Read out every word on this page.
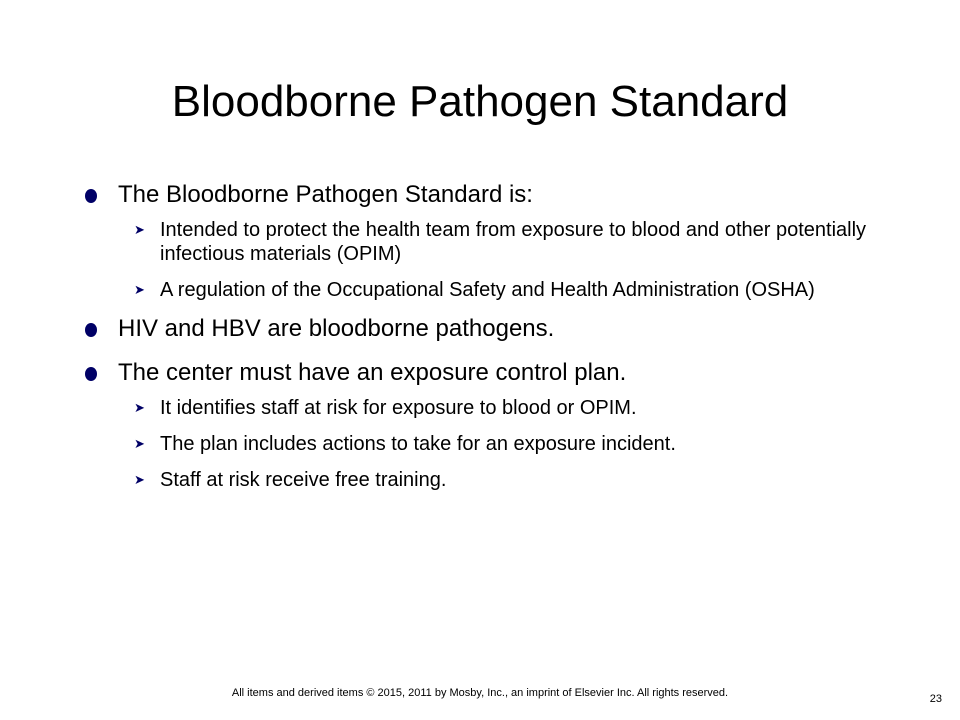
Bloodborne Pathogen Standard
The Bloodborne Pathogen Standard is:
➤ Intended to protect the health team from exposure to blood and other potentially infectious materials (OPIM)
➤ A regulation of the Occupational Safety and Health Administration (OSHA)
HIV and HBV are bloodborne pathogens.
The center must have an exposure control plan.
➤ It identifies staff at risk for exposure to blood or OPIM.
➤ The plan includes actions to take for an exposure incident.
➤ Staff at risk receive free training.
All items and derived items © 2015, 2011 by Mosby, Inc., an imprint of Elsevier Inc. All rights reserved.	23
